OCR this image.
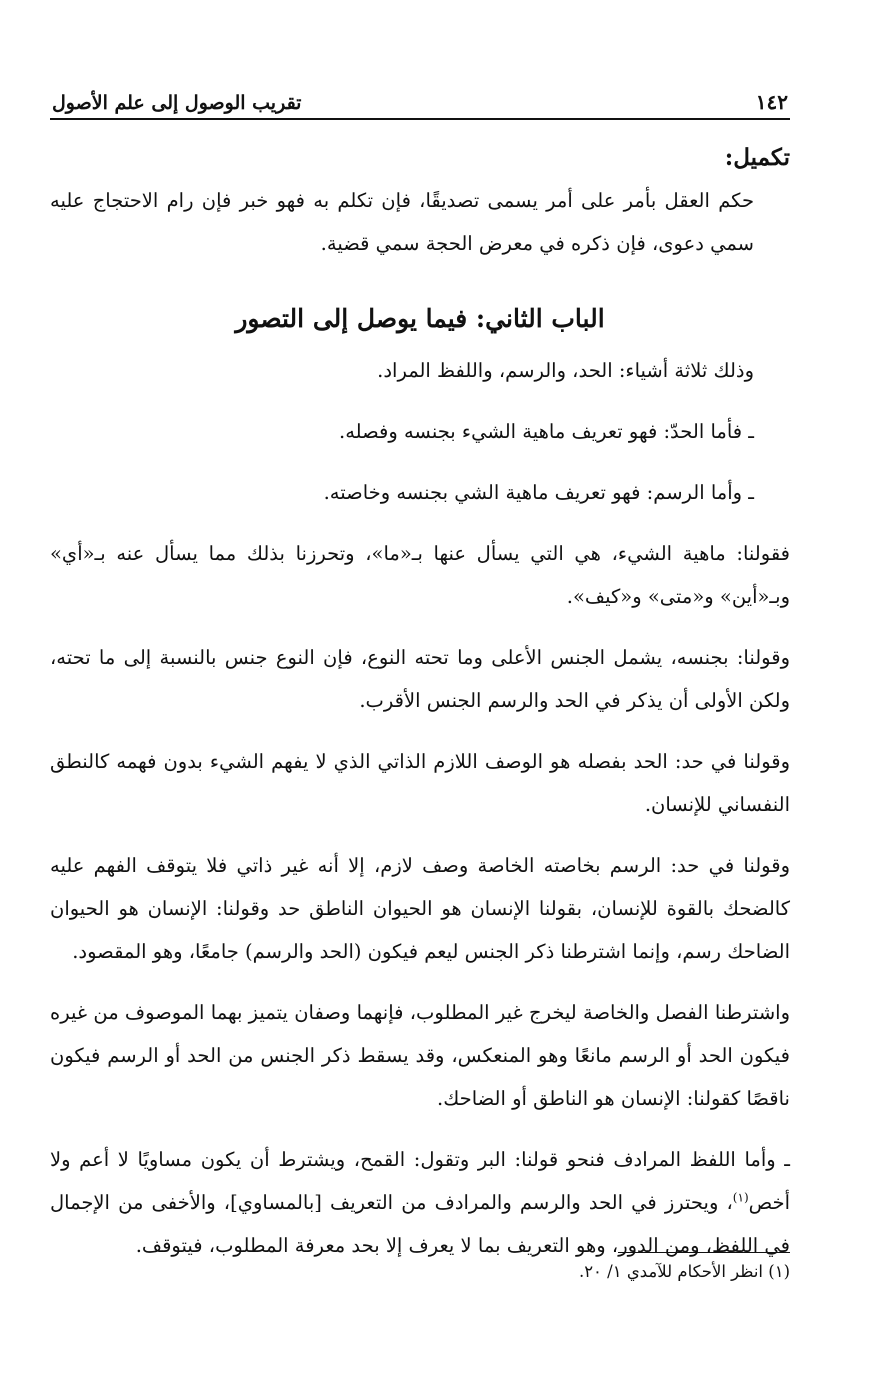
١٤٢
تقريب الوصول إلى علم الأصول
تكميل:

حكم العقل بأمر على أمر يسمى تصديقًا، فإن تكلم به فهو خبر فإن رام الاحتجاج عليه سمي دعوى، فإن ذكره في معرض الحجة سمي قضية.

الباب الثاني: فيما يوصل إلى التصور

وذلك ثلاثة أشياء: الحد، والرسم، واللفظ المراد.

ـ فأما الحدّ: فهو تعريف ماهية الشيء بجنسه وفصله.

ـ وأما الرسم: فهو تعريف ماهية الشي بجنسه وخاصته.

فقولنا: ماهية الشيء، هي التي يسأل عنها بـ«ما»، وتحرزنا بذلك مما يسأل عنه بـ«أي» وبـ«أين» و«متى» و«كيف».

وقولنا: بجنسه، يشمل الجنس الأعلى وما تحته النوع، فإن النوع جنس بالنسبة إلى ما تحته، ولكن الأولى أن يذكر في الحد والرسم الجنس الأقرب.

وقولنا في حد: الحد بفصله هو الوصف اللازم الذاتي الذي لا يفهم الشيء بدون فهمه كالنطق النفساني للإنسان.

وقولنا في حد: الرسم بخاصته الخاصة وصف لازم، إلا أنه غير ذاتي فلا يتوقف الفهم عليه كالضحك بالقوة للإنسان، بقولنا الإنسان هو الحيوان الناطق حد وقولنا: الإنسان هو الحيوان الضاحك رسم، وإنما اشترطنا ذكر الجنس ليعم فيكون (الحد والرسم) جامعًا، وهو المقصود.

واشترطنا الفصل والخاصة ليخرج غير المطلوب، فإنهما وصفان يتميز بهما الموصوف من غيره فيكون الحد أو الرسم مانعًا وهو المنعكس، وقد يسقط ذكر الجنس من الحد أو الرسم فيكون ناقصًا كقولنا: الإنسان هو الناطق أو الضاحك.

ـ وأما اللفظ المرادف فنحو قولنا: البر وتقول: القمح، ويشترط أن يكون مساويًا لا أعم ولا أخص$^{(١)}$، ويحترز في الحد والرسم والمرادف من التعريف [بالمساوي]، والأخفى من الإجمال في اللفظ، ومن الدور، وهو التعريف بما لا يعرف إلا بحد معرفة المطلوب، فيتوقف.

(١) انظر الأحكام للآمدي ١/ ٢٠.
